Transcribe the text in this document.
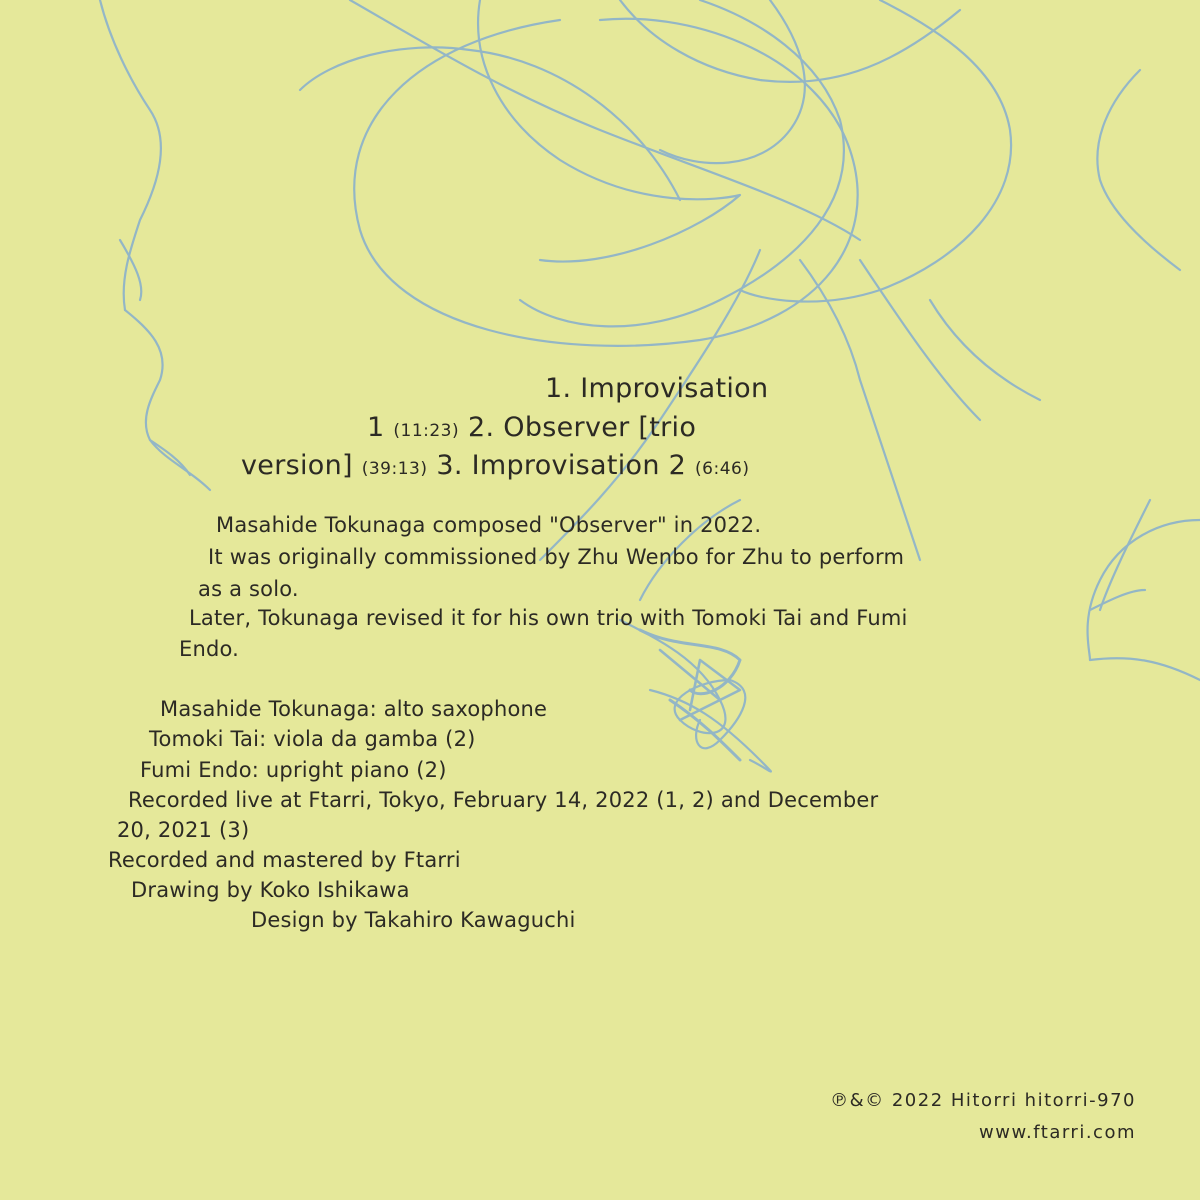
1. Improvisation
1 (11:23) 2. Observer [trio
version] (39:13) 3. Improvisation 2 (6:46)
Masahide Tokunaga composed "Observer" in 2022.
It was originally commissioned by Zhu Wenbo for Zhu to perform
as a solo.
Later, Tokunaga revised it for his own trio with Tomoki Tai and Fumi
Endo.
Masahide Tokunaga: alto saxophone
Tomoki Tai: viola da gamba (2)
Fumi Endo: upright piano (2)
Recorded live at Ftarri, Tokyo, February 14, 2022 (1, 2) and December
20, 2021 (3)
Recorded and mastered by Ftarri
Drawing by Koko Ishikawa
Design by Takahiro Kawaguchi
℗&© 2022 Hitorri hitorri-970
www.ftarri.com
